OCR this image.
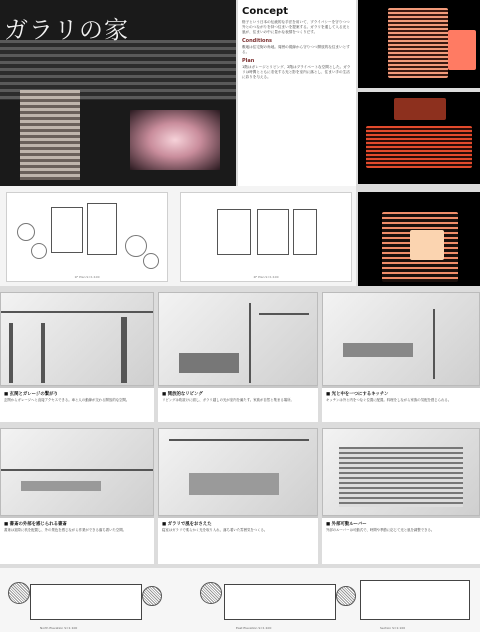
ガラリの家
Concept

格子という日本の伝統的な手法を用いて、プライバシーを守りつつ外とのつながりを持つ住まいを提案する。ガラリを通して入る光と風が、住まいの中に豊かな表情をつくりだす。

Conditions

敷地は住宅街の角地。周囲の視線から守りつつ開放的な住まいとする。

Plan

1階はガレージとリビング、2階はプライベートな空間とした。ガラリは時間とともに変化する光と影を室内に落とし、住まい手の生活に彩りを与える。

1F Plan S=1:100	2F Plan S=1:100
■ 玄関とガレージの繋がり
玄関からガレージへと直接アクセスできる。車と人の動線が交わる開放的な空間。
■ 開放的なリビング
リビングは吹抜けに面し、ガラリ越しの光が室内を満たす。家族が自然と集まる場所。
■ 光と中を一つにするキッチン
キッチンは外と内をつなぐ位置に配置。料理をしながら家族の気配を感じられる。
■ 書斎の外部を感じられる書斎
書斎は窓際に机を配置し、外の景色を感じながら作業ができる落ち着いた空間。
■ ガラリで風をおさえた
寝室はガラリで柔らかく光を取り入れ、落ち着いた雰囲気をつくる。
■ 外部可動ルーバー
外部のルーバーは可動式で、時間や季節に応じて光と風を調整できる。
North Elevation S=1:100	East Elevation S=1:100	Section S=1:100
